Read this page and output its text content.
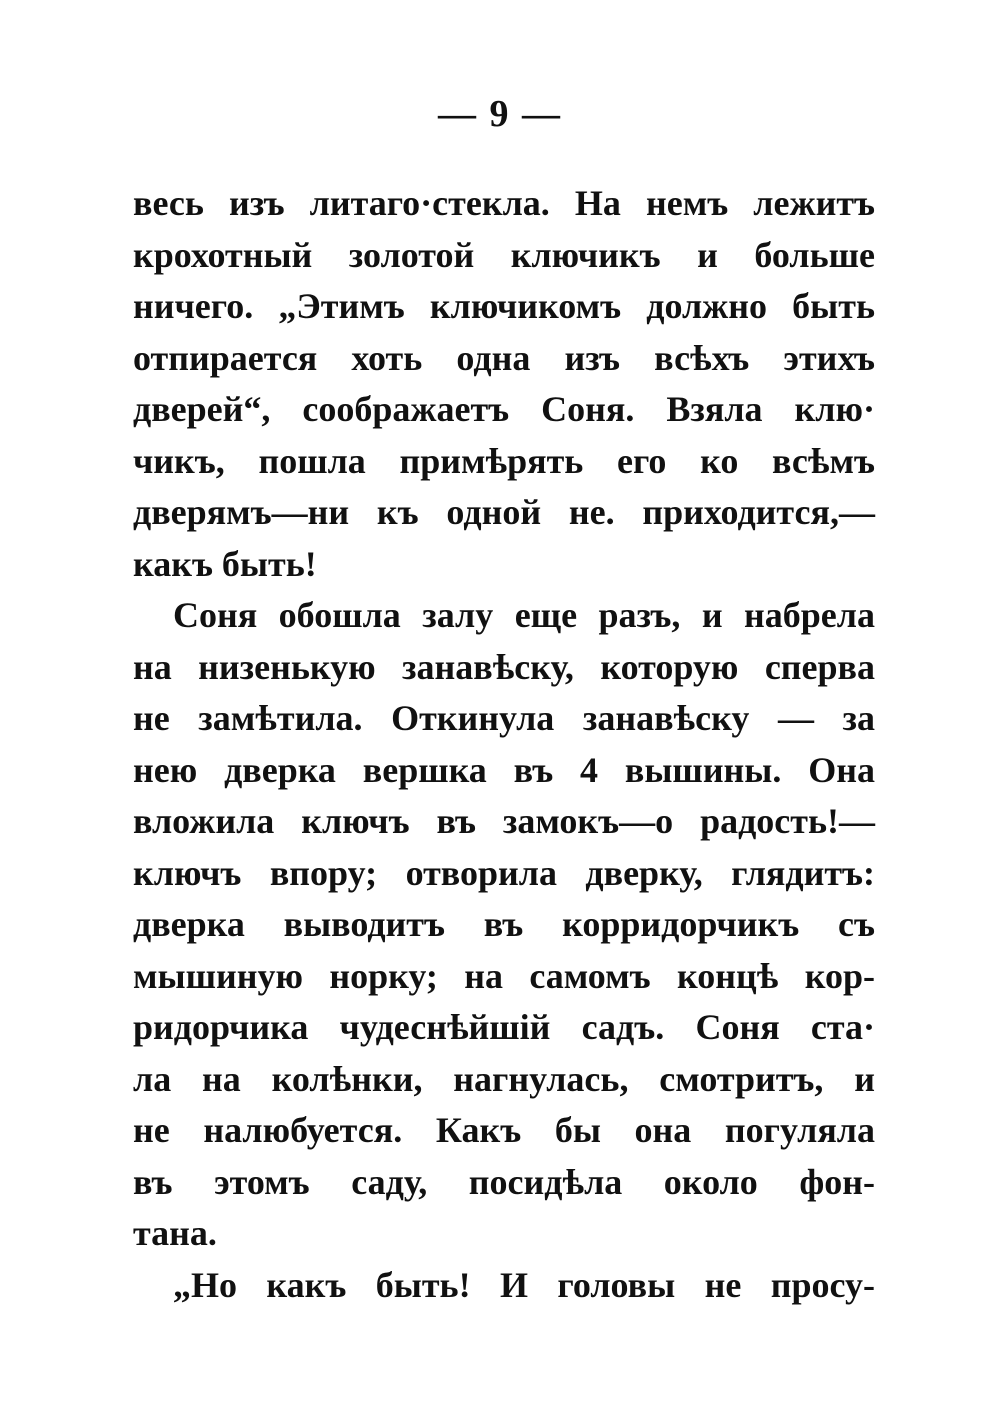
— 9 —
весь изъ литаго·стекла. На немъ лежитъ
крохотный золотой ключикъ и больше
ничего. „Этимъ ключикомъ должно быть
отпирается хоть одна изъ всѣхъ этихъ
дверей“, соображаетъ Соня. Взяла клю·
чикъ, пошла примѣрять его ко всѣмъ
дверямъ—ни къ одной не. приходится,—
какъ быть!
Соня обошла залу еще разъ, и набрела
на низенькую занавѣску, которую сперва
не замѣтила. Откинула занавѣску — за
нею дверка вершка въ 4 вышины. Она
вложила ключъ въ замокъ—о радость!—
ключъ впору; отворила дверку, глядитъ:
дверка выводитъ въ корридорчикъ съ
мышиную норку; на самомъ концѣ кор-
ридорчика чудеснѣйшій садъ. Соня ста·
ла на колѣнки, нагнулась, смотритъ, и
не налюбуется. Какъ бы она погуляла
въ этомъ саду, посидѣла около фон-
тана.
„Но какъ быть! И головы не просу-
